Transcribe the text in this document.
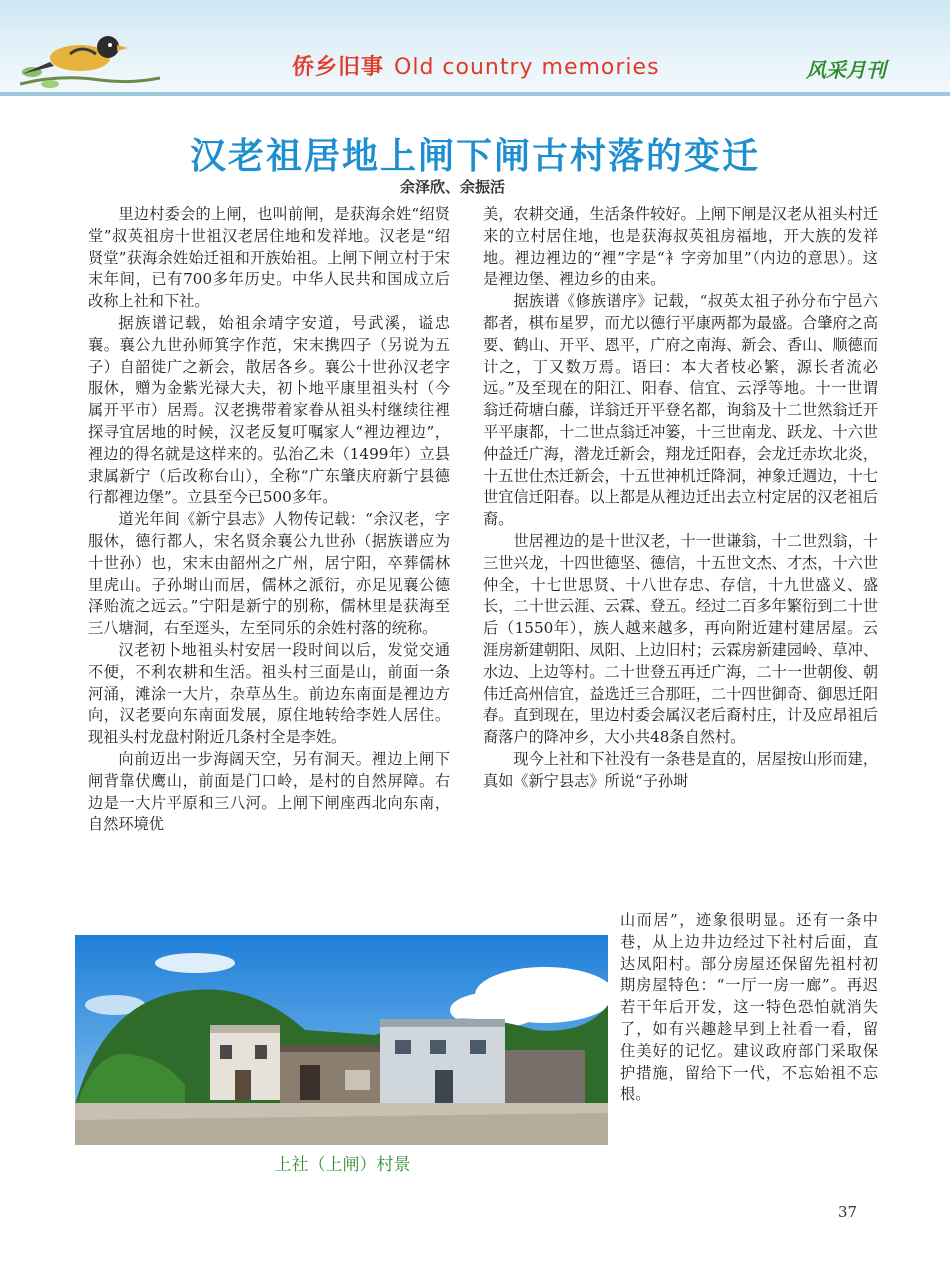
侨乡旧事 Old country memories	风采月刊
汉老祖居地上闸下闸古村落的变迁
余泽欣、余振活

里边村委会的上闸，也叫前闸，是获海余姓“绍贤堂”叔英祖房十世祖汉老居住地和发祥地。汉老是“绍贤堂”获海余姓始迁祖和开族始祖。上闸下闸立村于宋末年间，已有700多年历史。中华人民共和国成立后改称上社和下社。

据族谱记载，始祖余靖字安道，号武溪，谥忠襄。襄公九世孙师箕字作范，宋末携四子（另说为五子）自韶徙广之新会，散居各乡。襄公十世孙汉老字服休，赠为金紫光禄大夫，初卜地平康里祖头村（今属开平市）居焉。汉老携带着家眷从祖头村继续往裡探寻宜居地的时候，汉老反复叮嘱家人“裡边裡边”，裡边的得名就是这样来的。弘治乙未（1499年）立县隶属新宁（后改称台山），全称“广东肇庆府新宁县德行都裡边堡”。立县至今已500多年。

道光年间《新宁县志》人物传记载：“余汉老，字服休，德行都人，宋名贤余襄公九世孙（据族谱应为十世孙）也，宋末由韶州之广州，居宁阳，卒葬儒林里虎山。子孙埘山而居，儒林之派衍，亦足见襄公德泽贻流之远云。”宁阳是新宁的别称，儒林里是获海至三八塘洞，右至逕头，左至同乐的余姓村落的统称。

汉老初卜地祖头村安居一段时间以后，发觉交通不便，不利农耕和生活。祖头村三面是山，前面一条河涌，滩涂一大片，杂草丛生。前边东南面是裡边方向，汉老要向东南面发展，原住地转给李姓人居住。现祖头村龙盘村附近几条村全是李姓。

向前迈出一步海阔天空，另有洞天。裡边上闸下闸背靠伏鹰山，前面是门口岭，是村的自然屏障。右边是一大片平原和三八河。上闸下闸座西北向东南，自然环境优

美，农耕交通，生活条件较好。上闸下闸是汉老从祖头村迁来的立村居住地，也是获海叔英祖房福地，开大族的发祥地。裡边裡边的“裡”字是“衤字旁加里”（内边的意思）。这是裡边堡、裡边乡的由来。

据族谱《修族谱序》记载，“叔英太祖子孙分布宁邑六都者，棋布星罗，而尤以德行平康两都为最盛。合肇府之高要、鹤山、开平、恩平，广府之南海、新会、香山、顺德而计之，丁又数万焉。语曰：本大者枝必繁，源长者流必远。”及至现在的阳江、阳春、信宜、云浮等地。十一世谓翁迁荷塘白藤，详翁迁开平登名都，询翁及十二世然翁迁开平平康都，十二世点翁迁冲篓，十三世南龙、跃龙、十六世仲益迁广海，潜龙迁新会，翔龙迁阳春，会龙迁赤坎北炎，十五世仕杰迁新会，十五世神机迁降洞，神象迁週边，十七世宜信迁阳春。以上都是从裡边迁出去立村定居的汉老祖后裔。

世居裡边的是十世汉老，十一世谦翁，十二世烈翁，十三世兴龙，十四世德坚、德信，十五世文杰、才杰，十六世仲全，十七世思贤、十八世存忠、存信，十九世盛义、盛长，二十世云涯、云霖、登五。经过二百多年繁衍到二十世后（1550年），族人越来越多，再向附近建村建居屋。云涯房新建朝阳、凤阳、上边旧村；云霖房新建园岭、草冲、水边、上边等村。二十世登五再迁广海，二十一世朝俊、朝伟迁高州信宜，益选迁三合那旺，二十四世御奇、御思迁阳春。直到现在，里边村委会属汉老后裔村庄，计及应昂祖后裔落户的降冲乡，大小共48条自然村。

现今上社和下社没有一条巷是直的，居屋按山形而建，真如《新宁县志》所说“子孙埘

山而居”，迹象很明显。还有一条中巷，从上边井边经过下社村后面，直达凤阳村。部分房屋还保留先祖村初期房屋特色：“一厅一房一廊”。再迟若干年后开发，这一特色恐怕就消失了，如有兴趣趁早到上社看一看，留住美好的记忆。建议政府部门采取保护措施，留给下一代，不忘始祖不忘根。

上社（上闸）村景
37
